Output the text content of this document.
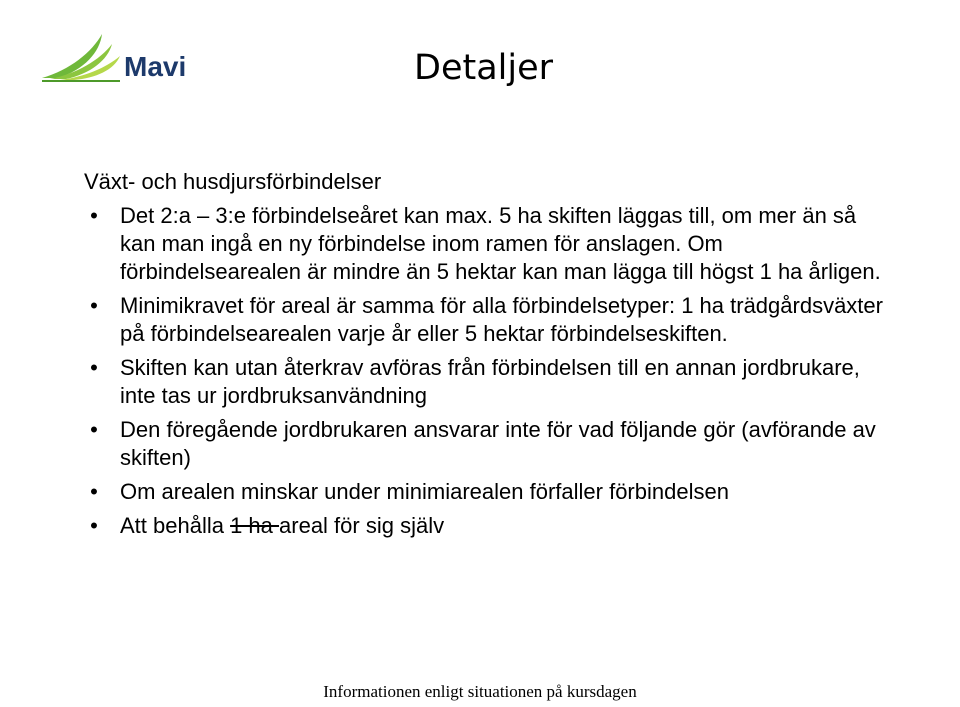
Mavi	Detaljer
Växt- och husdjursförbindelser
• Det 2:a – 3:e förbindelseåret kan max. 5 ha skiften läggas till, om mer än så kan man ingå en ny förbindelse inom ramen för anslagen. Om förbindelsearealen är mindre än 5 hektar kan man lägga till högst 1 ha årligen.
• Minimikravet för areal är samma för alla förbindelsetyper: 1 ha trädgårdsväxter på förbindelsearealen varje år eller 5 hektar förbindelseskiften.
• Skiften kan utan återkrav avföras från förbindelsen till en annan jordbrukare, inte tas ur jordbruksanvändning
• Den föregående jordbrukaren ansvarar inte för vad följande gör (avförande av skiften)
• Om arealen minskar under minimiarealen förfaller förbindelsen
• Att behålla 1 ha areal för sig själv
Informationen enligt situationen på kursdagen
